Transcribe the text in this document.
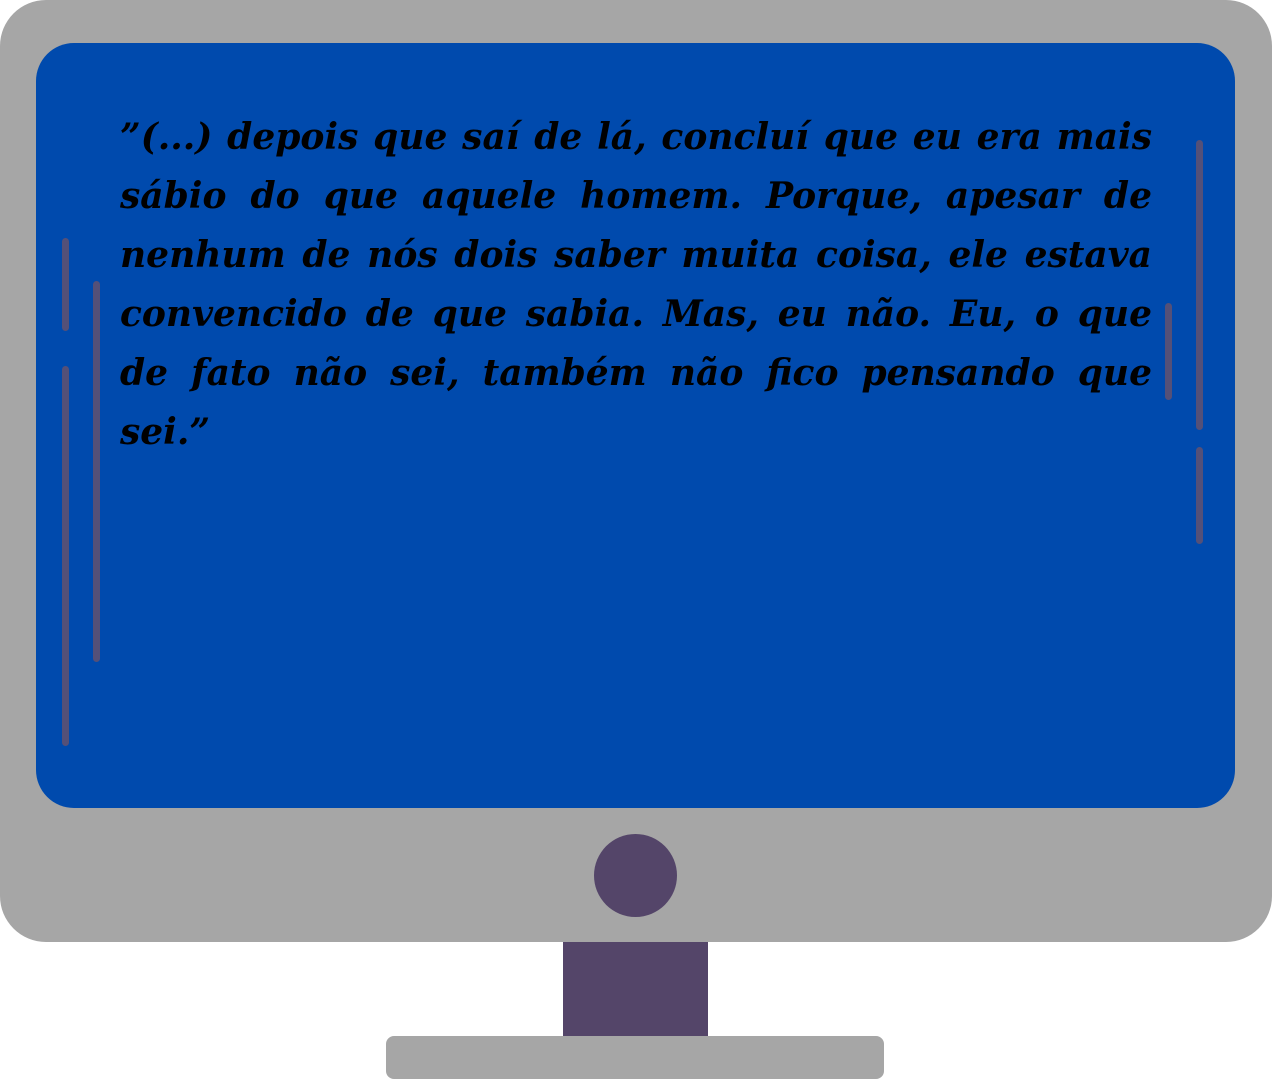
”(...) depois que saí de lá, concluí que eu era mais sábio do que aquele homem. Porque, apesar de nenhum de nós dois saber muita coisa, ele estava convencido de que sabia. Mas, eu não. Eu, o que de fato não sei, também não fico pensando que sei.”
